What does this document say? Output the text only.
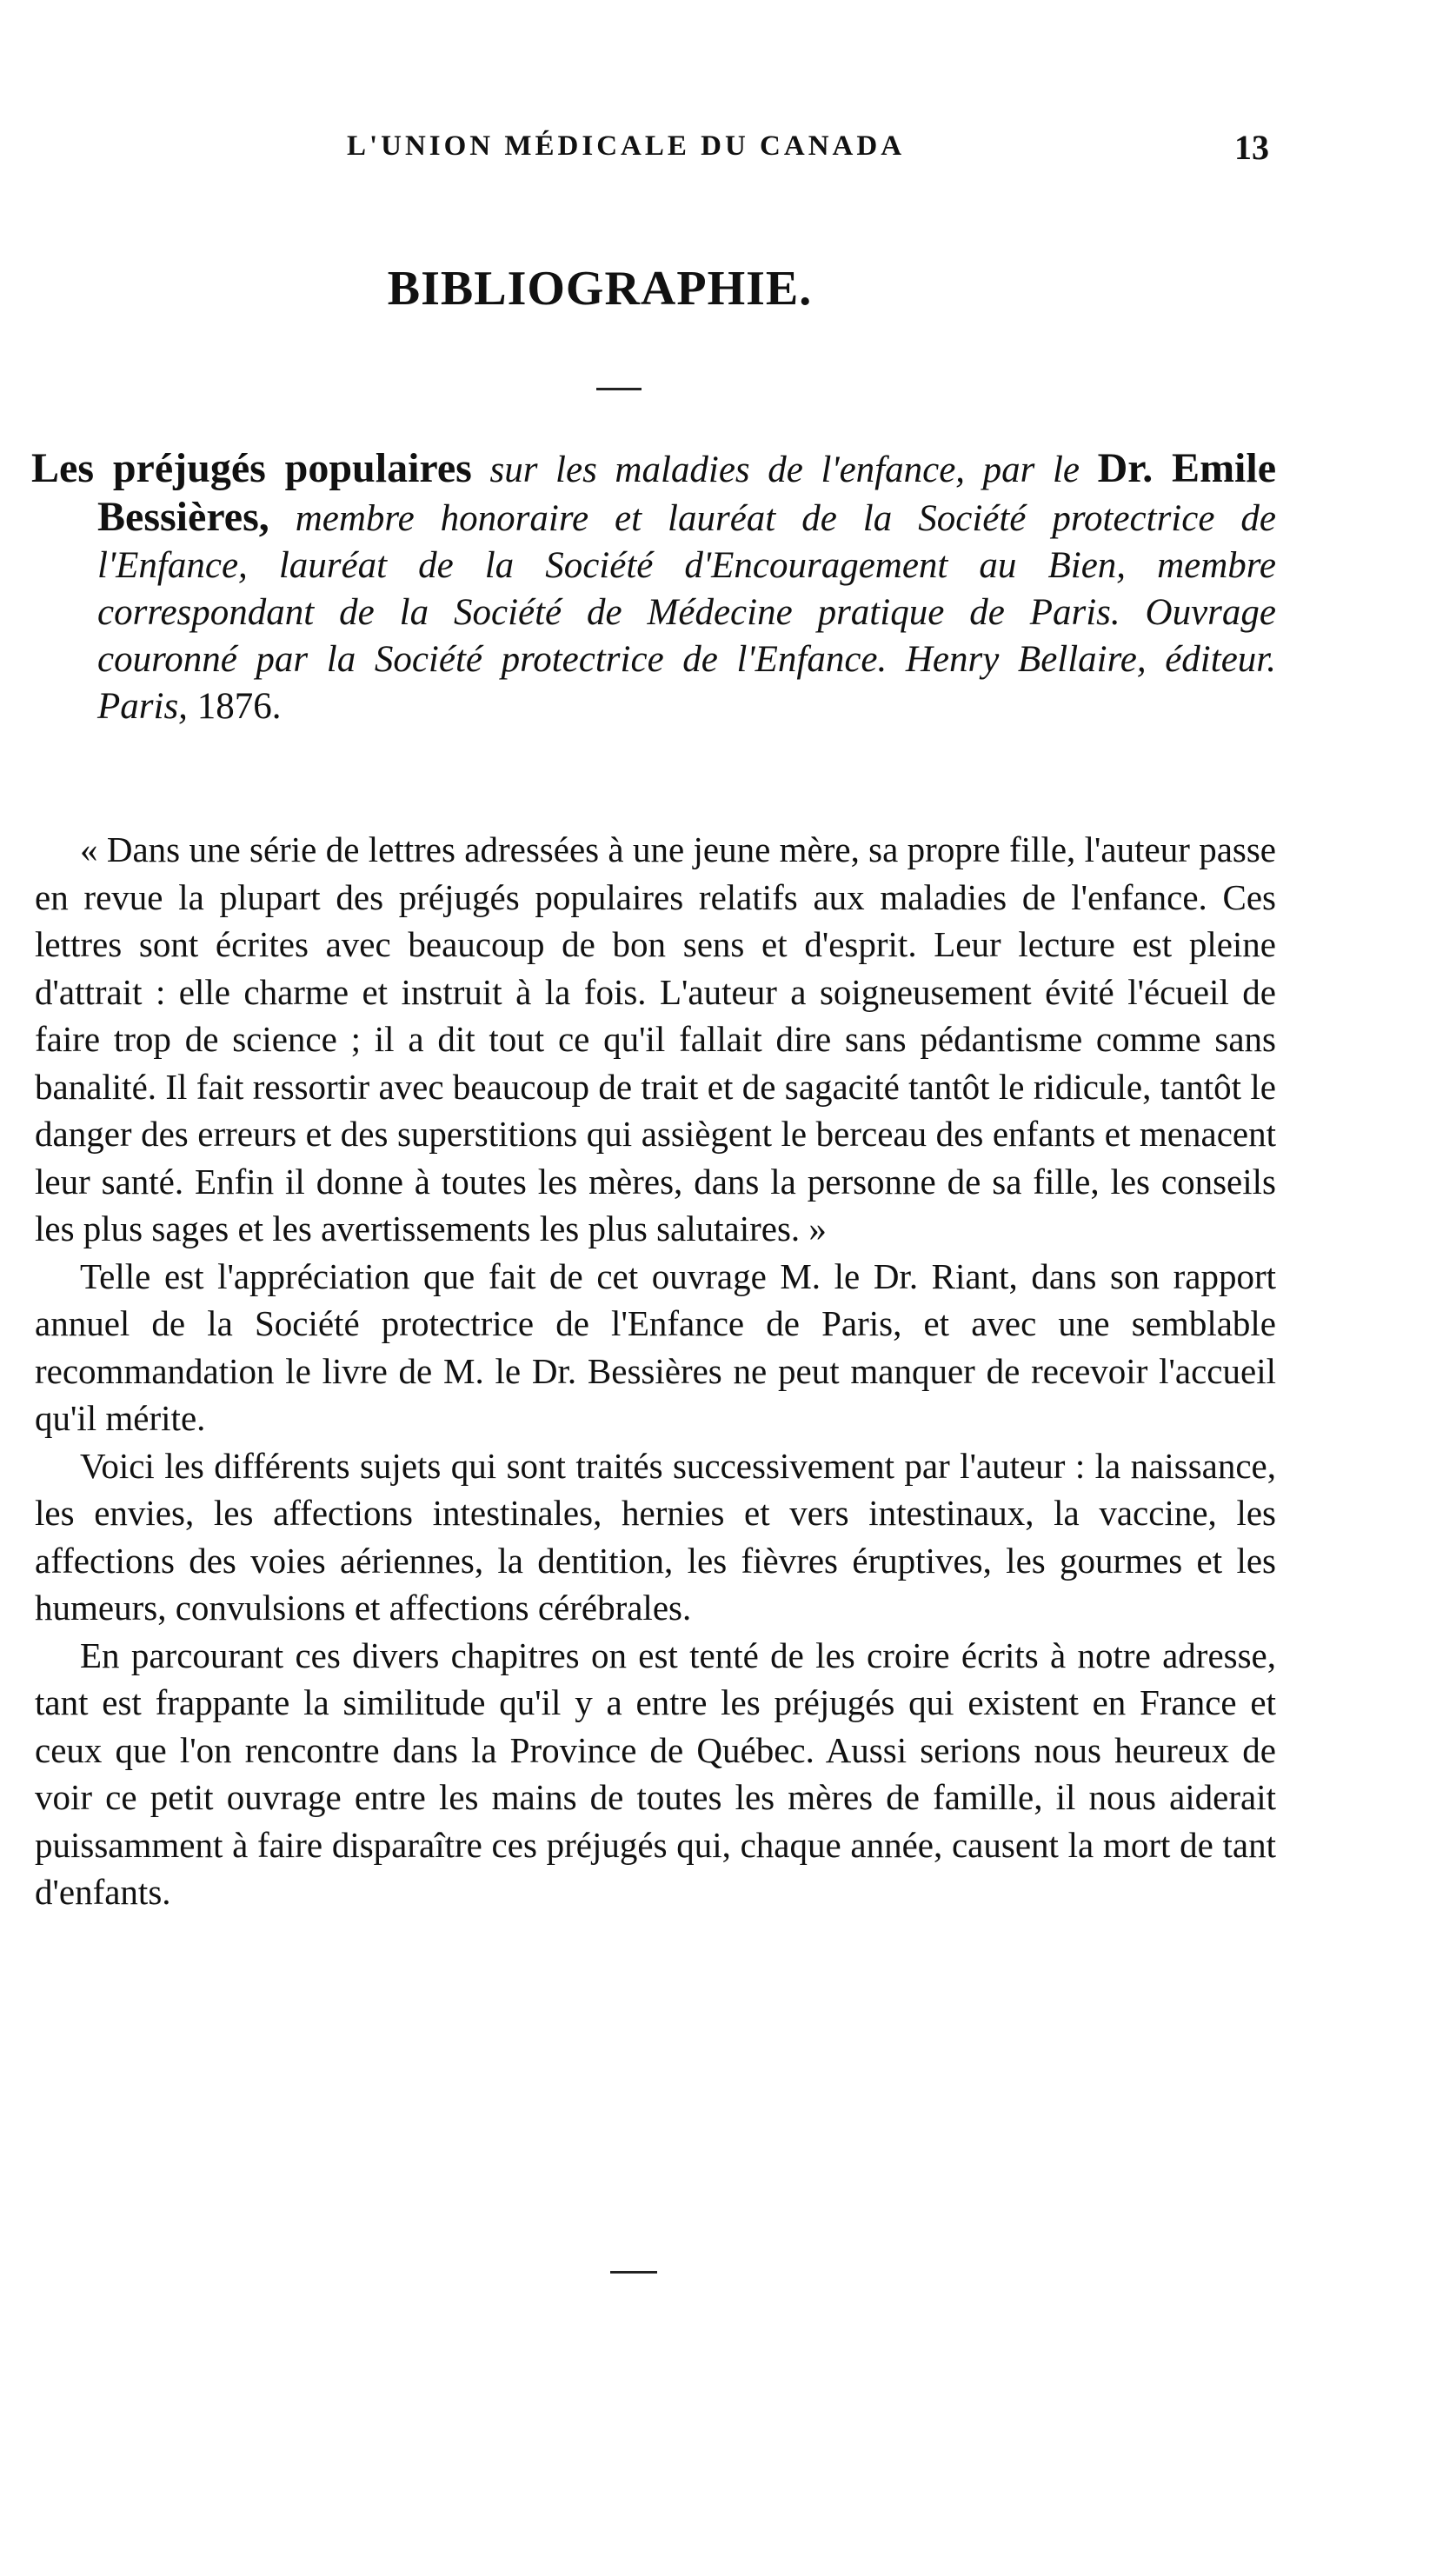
L'UNION MÉDICALE DU CANADA	13
BIBLIOGRAPHIE.
Les préjugés populaires sur les maladies de l'enfance, par le Dr. Emile Bessières, membre honoraire et lauréat de la Société protectrice de l'Enfance, lauréat de la Société d'Encouragement au Bien, membre correspondant de la Société de Médecine pratique de Paris. Ouvrage couronné par la Société protectrice de l'Enfance. Henry Bellaire, éditeur. Paris, 1876.

« Dans une série de lettres adressées à une jeune mère, sa propre fille, l'auteur passe en revue la plupart des préjugés populaires relatifs aux maladies de l'enfance. Ces lettres sont écrites avec beaucoup de bon sens et d'esprit. Leur lecture est pleine d'attrait : elle charme et instruit à la fois. L'auteur a soigneusement évité l'écueil de faire trop de science ; il a dit tout ce qu'il fallait dire sans pédantisme comme sans banalité. Il fait ressortir avec beaucoup de trait et de sagacité tantôt le ridicule, tantôt le danger des erreurs et des superstitions qui assiègent le berceau des enfants et menacent leur santé. Enfin il donne à toutes les mères, dans la personne de sa fille, les conseils les plus sages et les avertissements les plus salutaires. »

Telle est l'appréciation que fait de cet ouvrage M. le Dr. Riant, dans son rapport annuel de la Société protectrice de l'Enfance de Paris, et avec une semblable recommandation le livre de M. le Dr. Bessières ne peut manquer de recevoir l'accueil qu'il mérite.

Voici les différents sujets qui sont traités successivement par l'auteur : la naissance, les envies, les affections intestinales, hernies et vers intestinaux, la vaccine, les affections des voies aériennes, la dentition, les fièvres éruptives, les gourmes et les humeurs, convulsions et affections cérébrales.

En parcourant ces divers chapitres on est tenté de les croire écrits à notre adresse, tant est frappante la similitude qu'il y a entre les préjugés qui existent en France et ceux que l'on rencontre dans la Province de Québec. Aussi serions nous heureux de voir ce petit ouvrage entre les mains de toutes les mères de famille, il nous aiderait puissamment à faire disparaître ces préjugés qui, chaque année, causent la mort de tant d'enfants.
